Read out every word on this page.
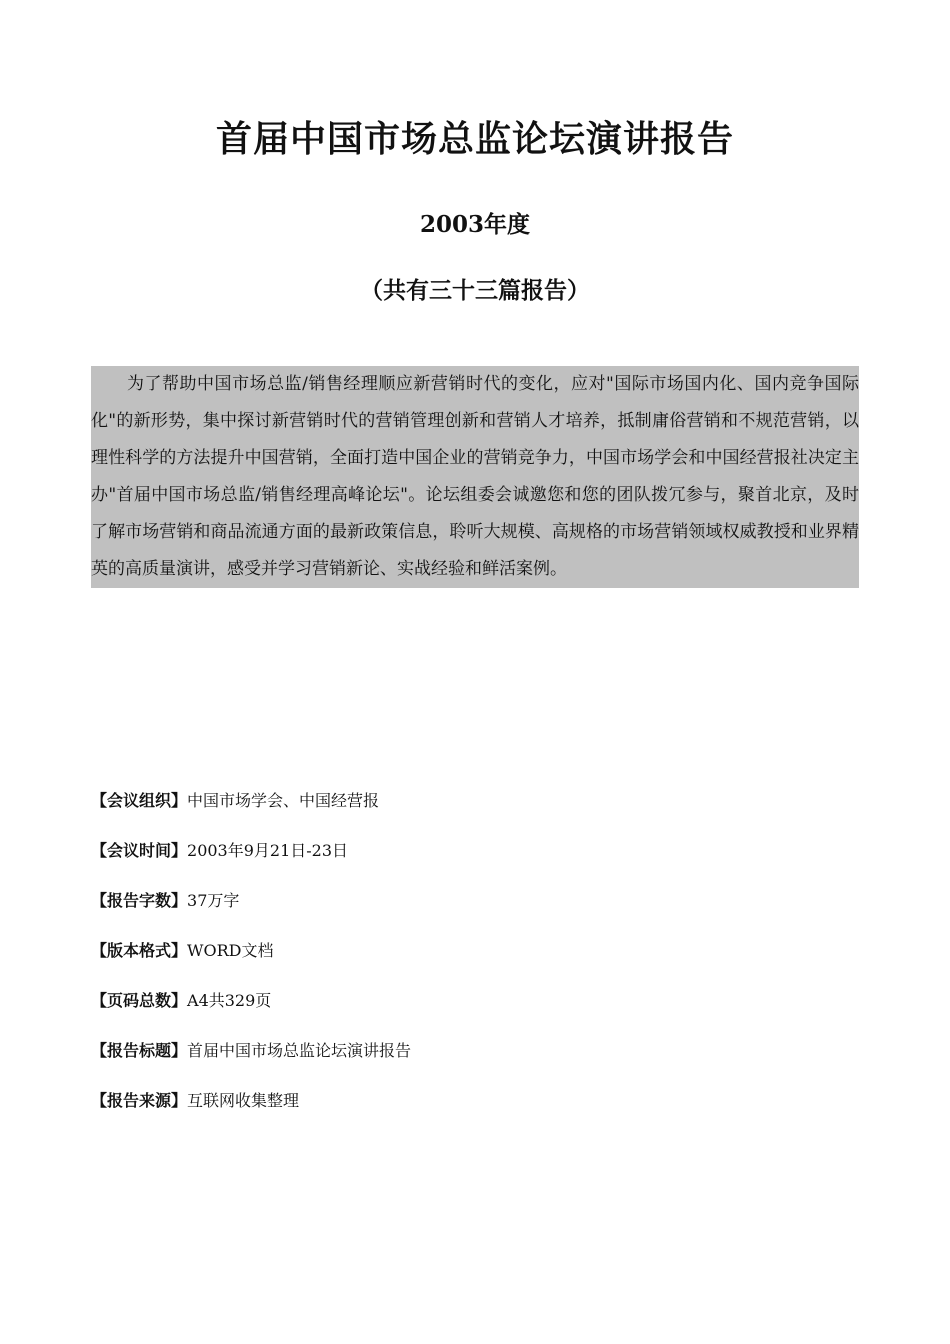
首届中国市场总监论坛演讲报告
2003年度
（共有三十三篇报告）
为了帮助中国市场总监/销售经理顺应新营销时代的变化，应对"国际市场国内化、国内竞争国际化"的新形势，集中探讨新营销时代的营销管理创新和营销人才培养，抵制庸俗营销和不规范营销，以理性科学的方法提升中国营销，全面打造中国企业的营销竞争力，中国市场学会和中国经营报社决定主办"首届中国市场总监/销售经理高峰论坛"。论坛组委会诚邀您和您的团队拨冗参与，聚首北京，及时了解市场营销和商品流通方面的最新政策信息，聆听大规模、高规格的市场营销领域权威教授和业界精英的高质量演讲，感受并学习营销新论、实战经验和鲜活案例。
【会议组织】中国市场学会、中国经营报
【会议时间】2003年9月21日-23日
【报告字数】37万字
【版本格式】WORD文档
【页码总数】A4共329页
【报告标题】首届中国市场总监论坛演讲报告
【报告来源】互联网收集整理
